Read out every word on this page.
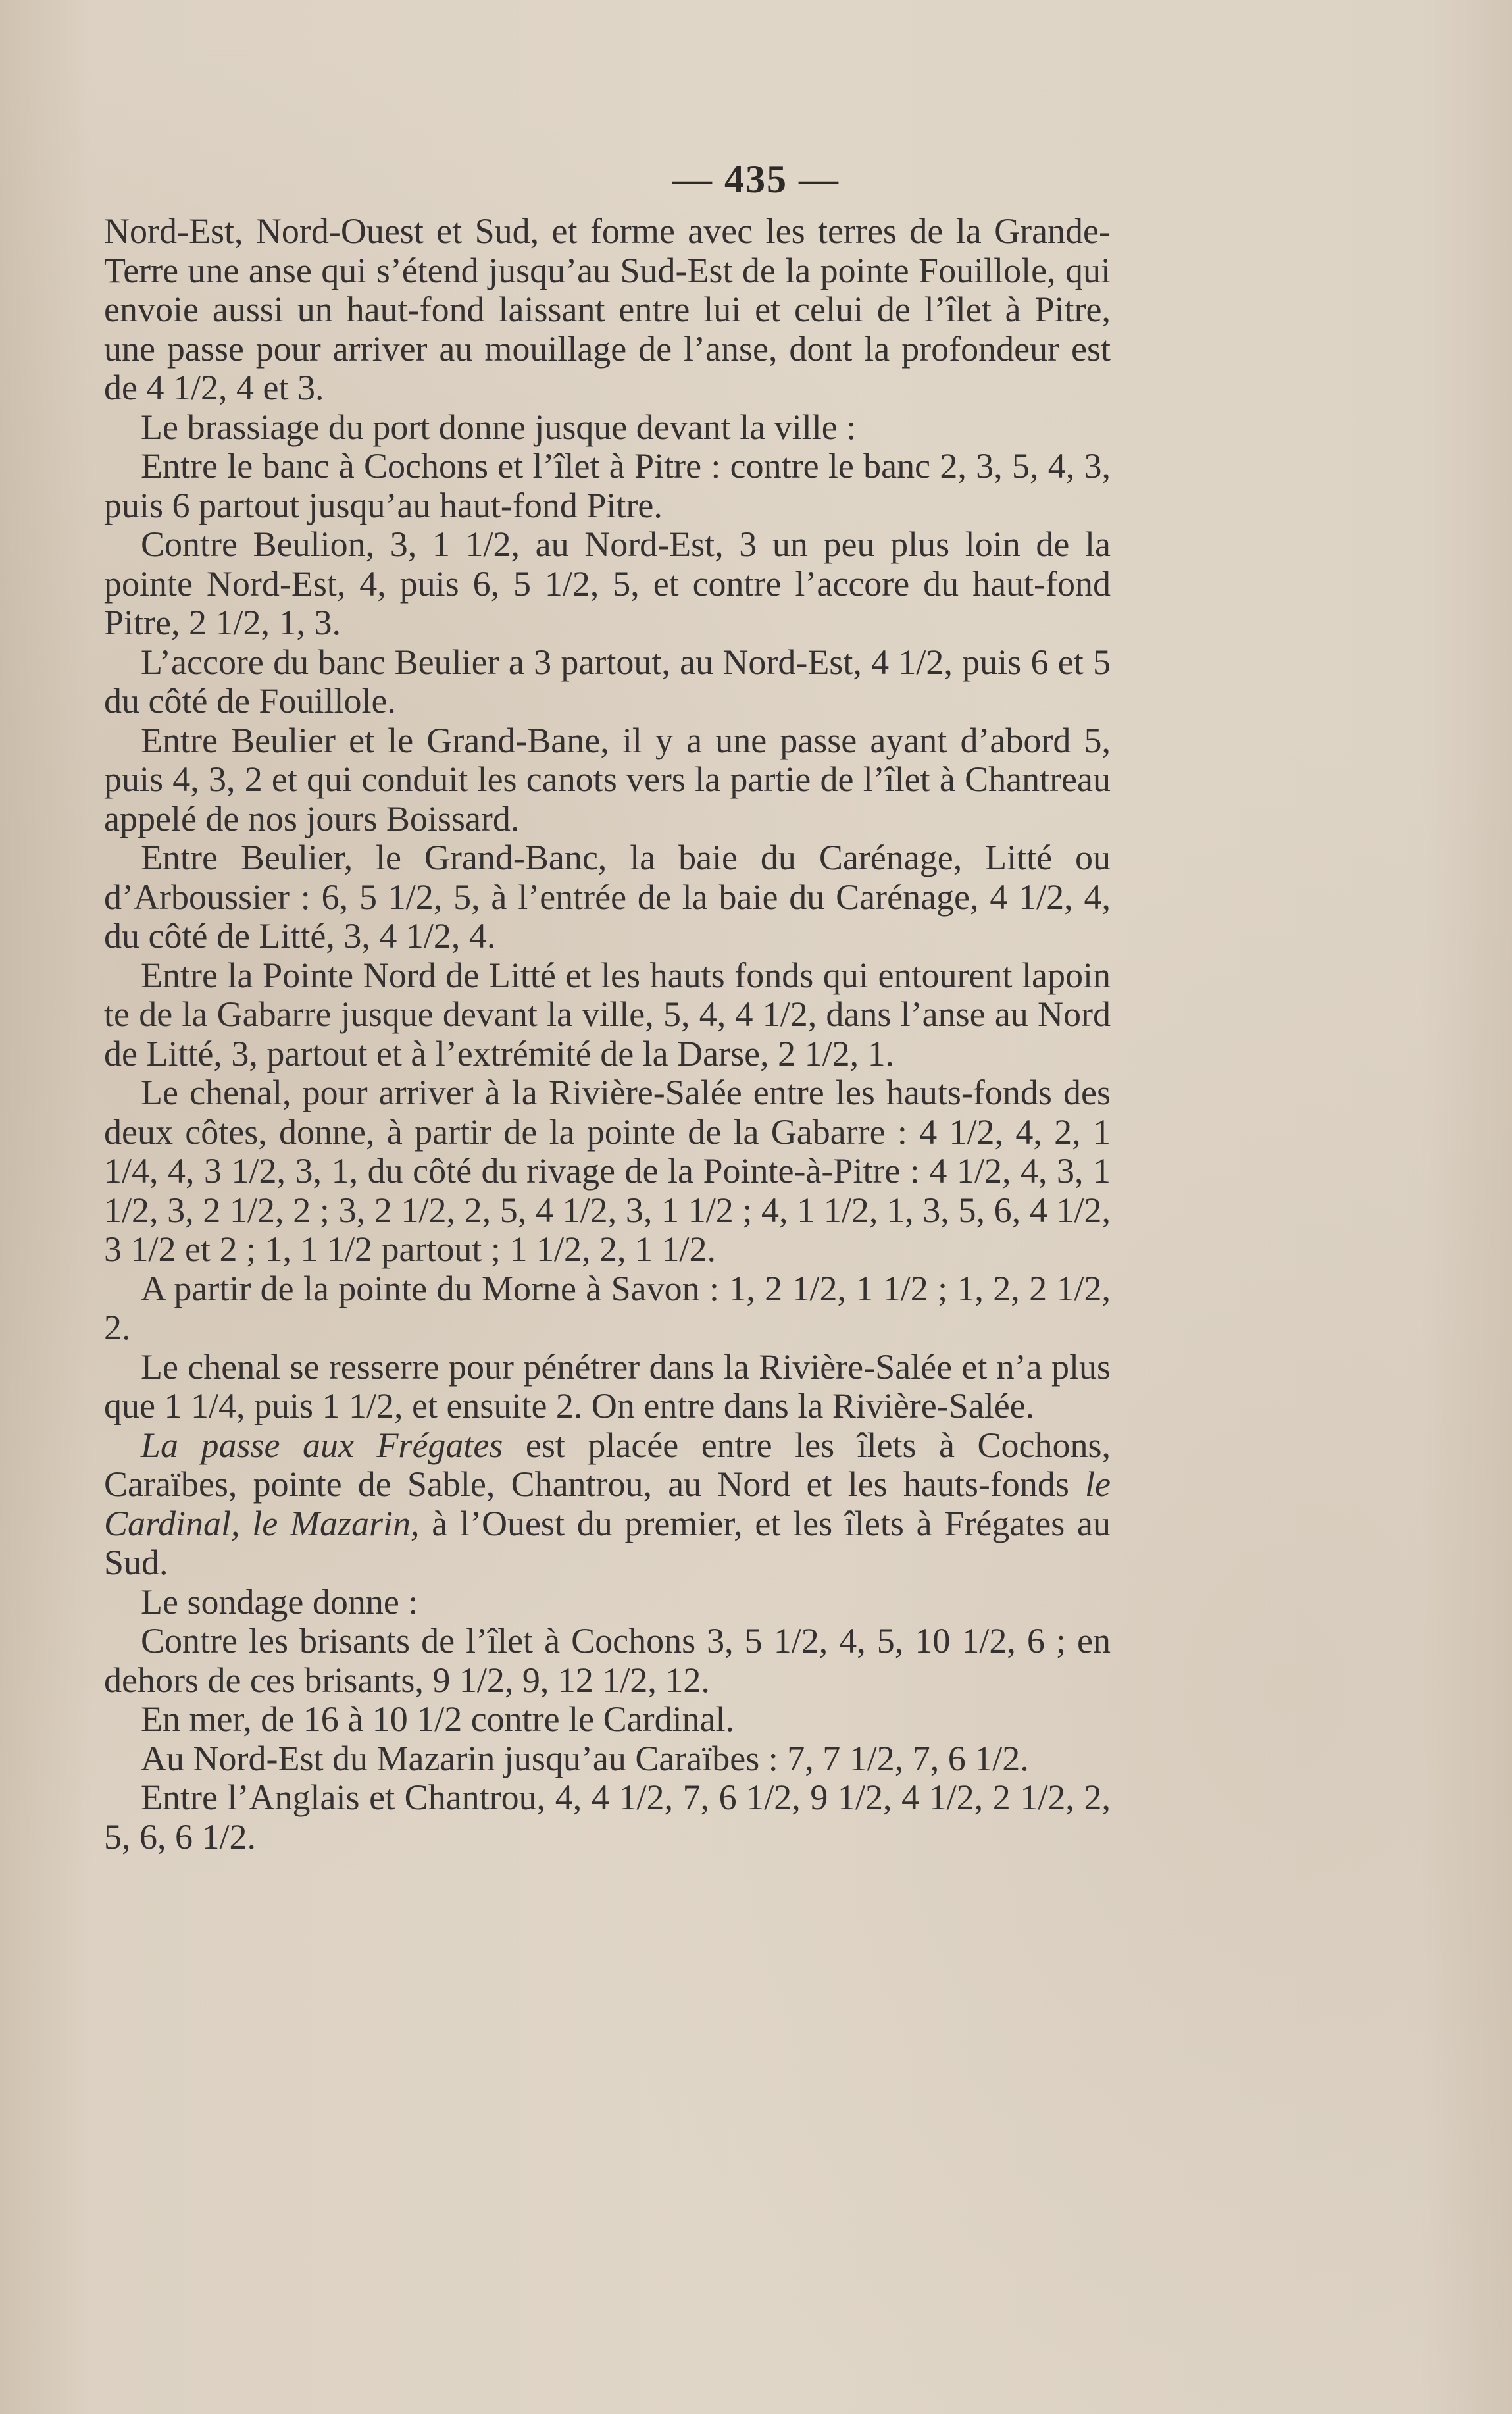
— 435 —

Nord-Est, Nord-Ouest et Sud, et forme avec les terres de la Grande-Terre une anse qui s’étend jusqu’au Sud-Est de la pointe Fouillole, qui envoie aussi un haut-fond laissant entre lui et celui de l’îlet à Pitre, une passe pour arriver au mouillage de l’anse, dont la profondeur est de 4 1/2, 4 et 3.

Le brassiage du port donne jusque devant la ville :

Entre le banc à Cochons et l’îlet à Pitre : contre le banc 2, 3, 5, 4, 3, puis 6 partout jusqu’au haut-fond Pitre.

Contre Beulion, 3, 1 1/2, au Nord-Est, 3 un peu plus loin de la pointe Nord-Est, 4, puis 6, 5 1/2, 5, et contre l’accore du haut-fond Pitre, 2 1/2, 1, 3.

L’accore du banc Beulier a 3 partout, au Nord-Est, 4 1/2, puis 6 et 5 du côté de Fouillole.

Entre Beulier et le Grand-Bane, il y a une passe ayant d’abord 5, puis 4, 3, 2 et qui conduit les canots vers la partie de l’îlet à Chantreau appelé de nos jours Boissard.

Entre Beulier, le Grand-Banc, la baie du Carénage, Litté ou d’Arboussier : 6, 5 1/2, 5, à l’entrée de la baie du Carénage, 4 1/2, 4, du côté de Litté, 3, 4 1/2, 4.

Entre la Pointe Nord de Litté et les hauts fonds qui entourent lapoin te de la Gabarre jusque devant la ville, 5, 4, 4 1/2, dans l’anse au Nord de Litté, 3, partout et à l’extrémité de la Darse, 2 1/2, 1.

Le chenal, pour arriver à la Rivière-Salée entre les hauts-fonds des deux côtes, donne, à partir de la pointe de la Gabarre : 4 1/2, 4, 2, 1 1/4, 4, 3 1/2, 3, 1, du côté du rivage de la Pointe-à-Pitre : 4 1/2, 4, 3, 1 1/2, 3, 2 1/2, 2 ; 3, 2 1/2, 2, 5, 4 1/2, 3, 1 1/2 ; 4, 1 1/2, 1, 3, 5, 6, 4 1/2, 3 1/2 et 2 ; 1, 1 1/2 partout ; 1 1/2, 2, 1 1/2.

A partir de la pointe du Morne à Savon : 1, 2 1/2, 1 1/2 ; 1, 2, 2 1/2, 2.

Le chenal se resserre pour pénétrer dans la Rivière-Salée et n’a plus que 1 1/4, puis 1 1/2, et ensuite 2. On entre dans la Rivière-Salée.

La passe aux Frégates est placée entre les îlets à Cochons, Caraïbes, pointe de Sable, Chantrou, au Nord et les hauts-fonds le Cardinal, le Mazarin, à l’Ouest du premier, et les îlets à Frégates au Sud.

Le sondage donne :

Contre les brisants de l’îlet à Cochons 3, 5 1/2, 4, 5, 10 1/2, 6 ; en dehors de ces brisants, 9 1/2, 9, 12 1/2, 12.

En mer, de 16 à 10 1/2 contre le Cardinal.

Au Nord-Est du Mazarin jusqu’au Caraïbes : 7, 7 1/2, 7, 6 1/2.

Entre l’Anglais et Chantrou, 4, 4 1/2, 7, 6 1/2, 9 1/2, 4 1/2, 2 1/2, 2, 5, 6, 6 1/2.
